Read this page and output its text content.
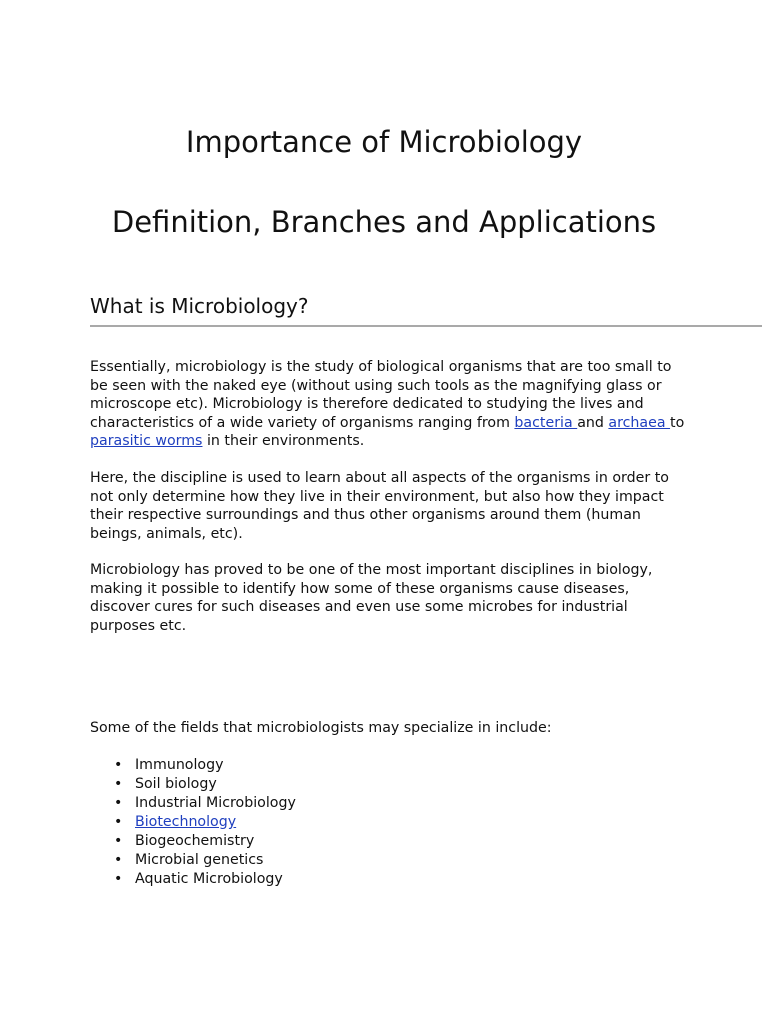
Importance of Microbiology
Definition, Branches and Applications
What is Microbiology?

Essentially, microbiology is the study of biological organisms that are too small to be seen with the naked eye (without using such tools as the magnifying glass or microscope etc). Microbiology is therefore dedicated to studying the lives and characteristics of a wide variety of organisms ranging from bacteria and archaea to parasitic worms in their environments.

Here, the discipline is used to learn about all aspects of the organisms in order to not only determine how they live in their environment, but also how they impact their respective surroundings and thus other organisms around them (human beings, animals, etc).

Microbiology has proved to be one of the most important disciplines in biology, making it possible to identify how some of these organisms cause diseases, discover cures for such diseases and even use some microbes for industrial purposes etc.

Some of the fields that microbiologists may specialize in include:

• Immunology
• Soil biology
• Industrial Microbiology
• Biotechnology
• Biogeochemistry
• Microbial genetics
• Aquatic Microbiology
